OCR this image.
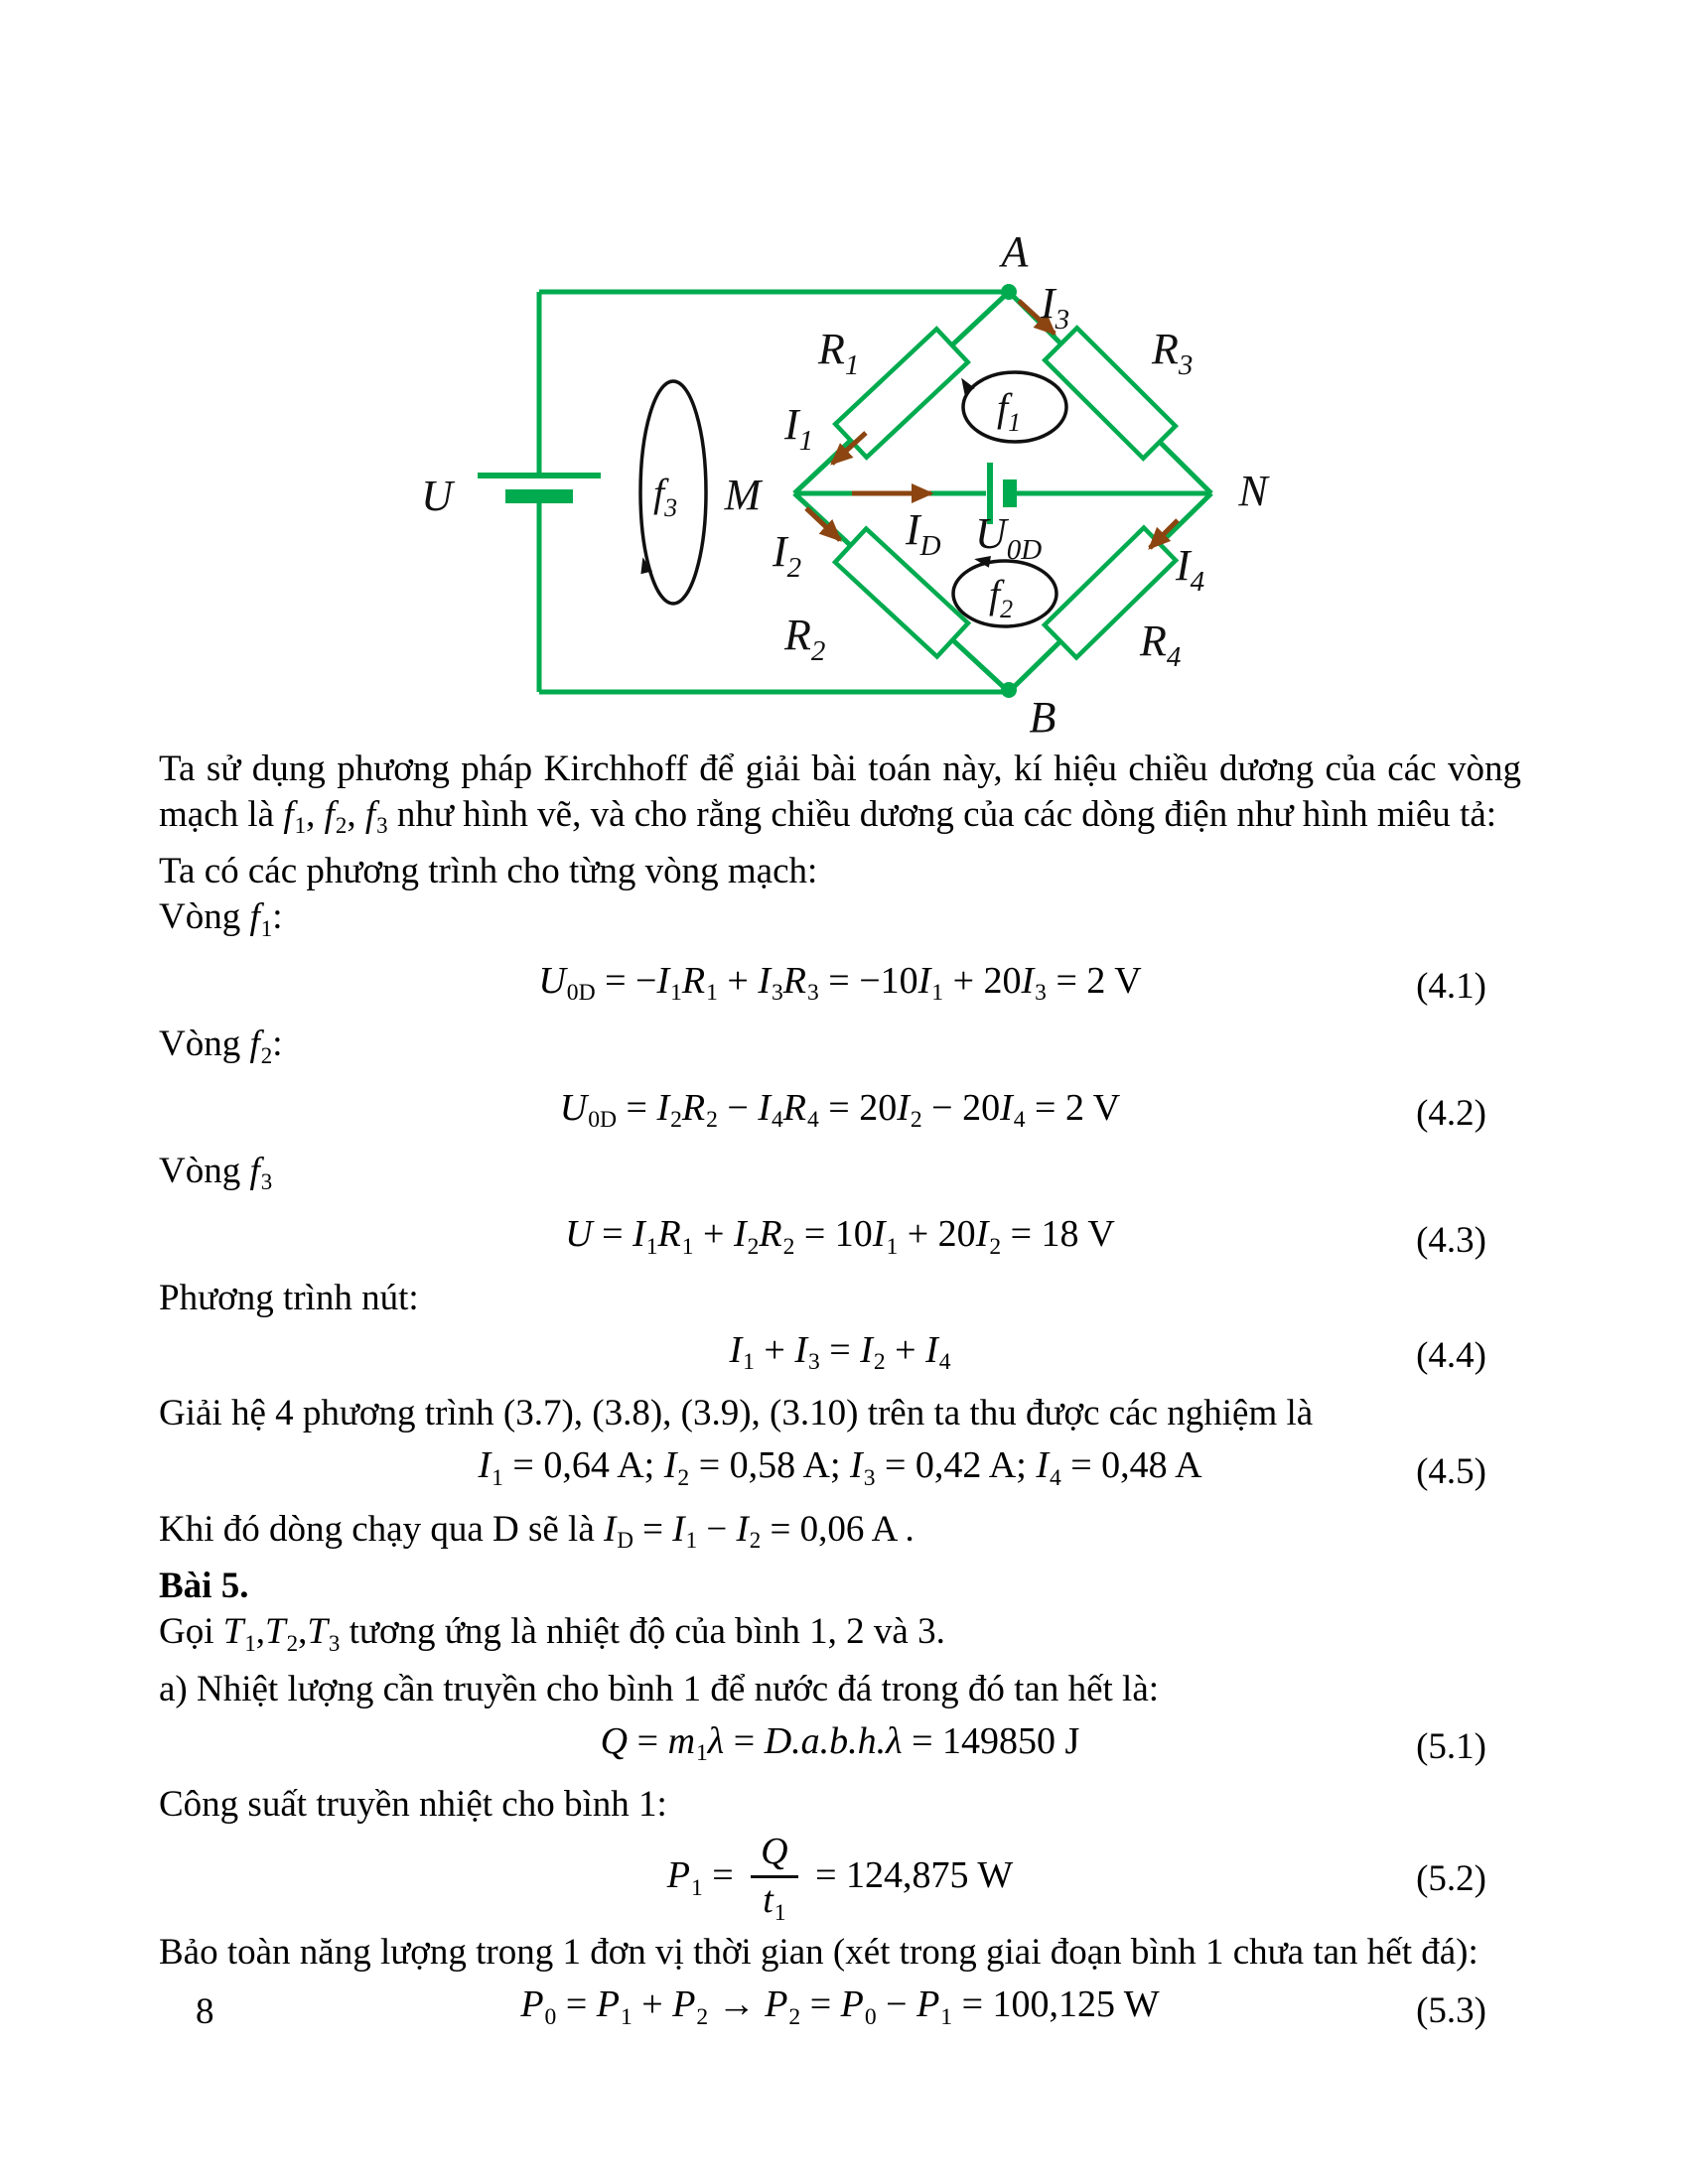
U
A
B
M	N
$R_1$	$R_3$
$R_2$	$R_4$
$I_1$
$I_2$
$I_3$
$I_4$
$I_D$ $U_{0D}$
$f_1$
$f_2$
$f_3$
Ta sử dụng phương pháp Kirchhoff để giải bài toán này, kí hiệu chiều dương của các vòng mạch là $f_1$, $f_2$, $f_3$ như hình vẽ, và cho rằng chiều dương của các dòng điện như hình miêu tả:
Ta có các phương trình cho từng vòng mạch:
Vòng $f_1$:
$U_{0D} = -I_1R_1 + I_3R_3 = -10I_1 + 20I_3 = 2$ V	(4.1)
Vòng $f_2$:
$U_{0D} = I_2R_2 - I_4R_4 = 20I_2 - 20I_4 = 2$ V	(4.2)
Vòng $f_3$
$U = I_1R_1 + I_2R_2 = 10I_1 + 20I_2 = 18$ V	(4.3)
Phương trình nút:
$I_1 + I_3 = I_2 + I_4$	(4.4)
Giải hệ 4 phương trình (3.7), (3.8), (3.9), (3.10) trên ta thu được các nghiệm là
$I_1 = 0,64$ A; $I_2 = 0,58$ A; $I_3 = 0,42$ A; $I_4 = 0,48$ A	(4.5)
Khi đó dòng chạy qua D sẽ là $I_D = I_1 - I_2 = 0,06$ A .
Bài 5.
Gọi $T_1,T_2,T_3$ tương ứng là nhiệt độ của bình 1, 2 và 3.
a) Nhiệt lượng cần truyền cho bình 1 để nước đá trong đó tan hết là:
$Q = m_1\lambda = D.a.b.h.\lambda = 149850$ J	(5.1)
Công suất truyền nhiệt cho bình 1:
$P_1 = \frac{Q}{t_1} = 124,875$ W	(5.2)
Bảo toàn năng lượng trong 1 đơn vị thời gian (xét trong giai đoạn bình 1 chưa tan hết đá):
$P_0 = P_1 + P_2 \to P_2 = P_0 - P_1 = 100,125$ W	(5.3)
8
